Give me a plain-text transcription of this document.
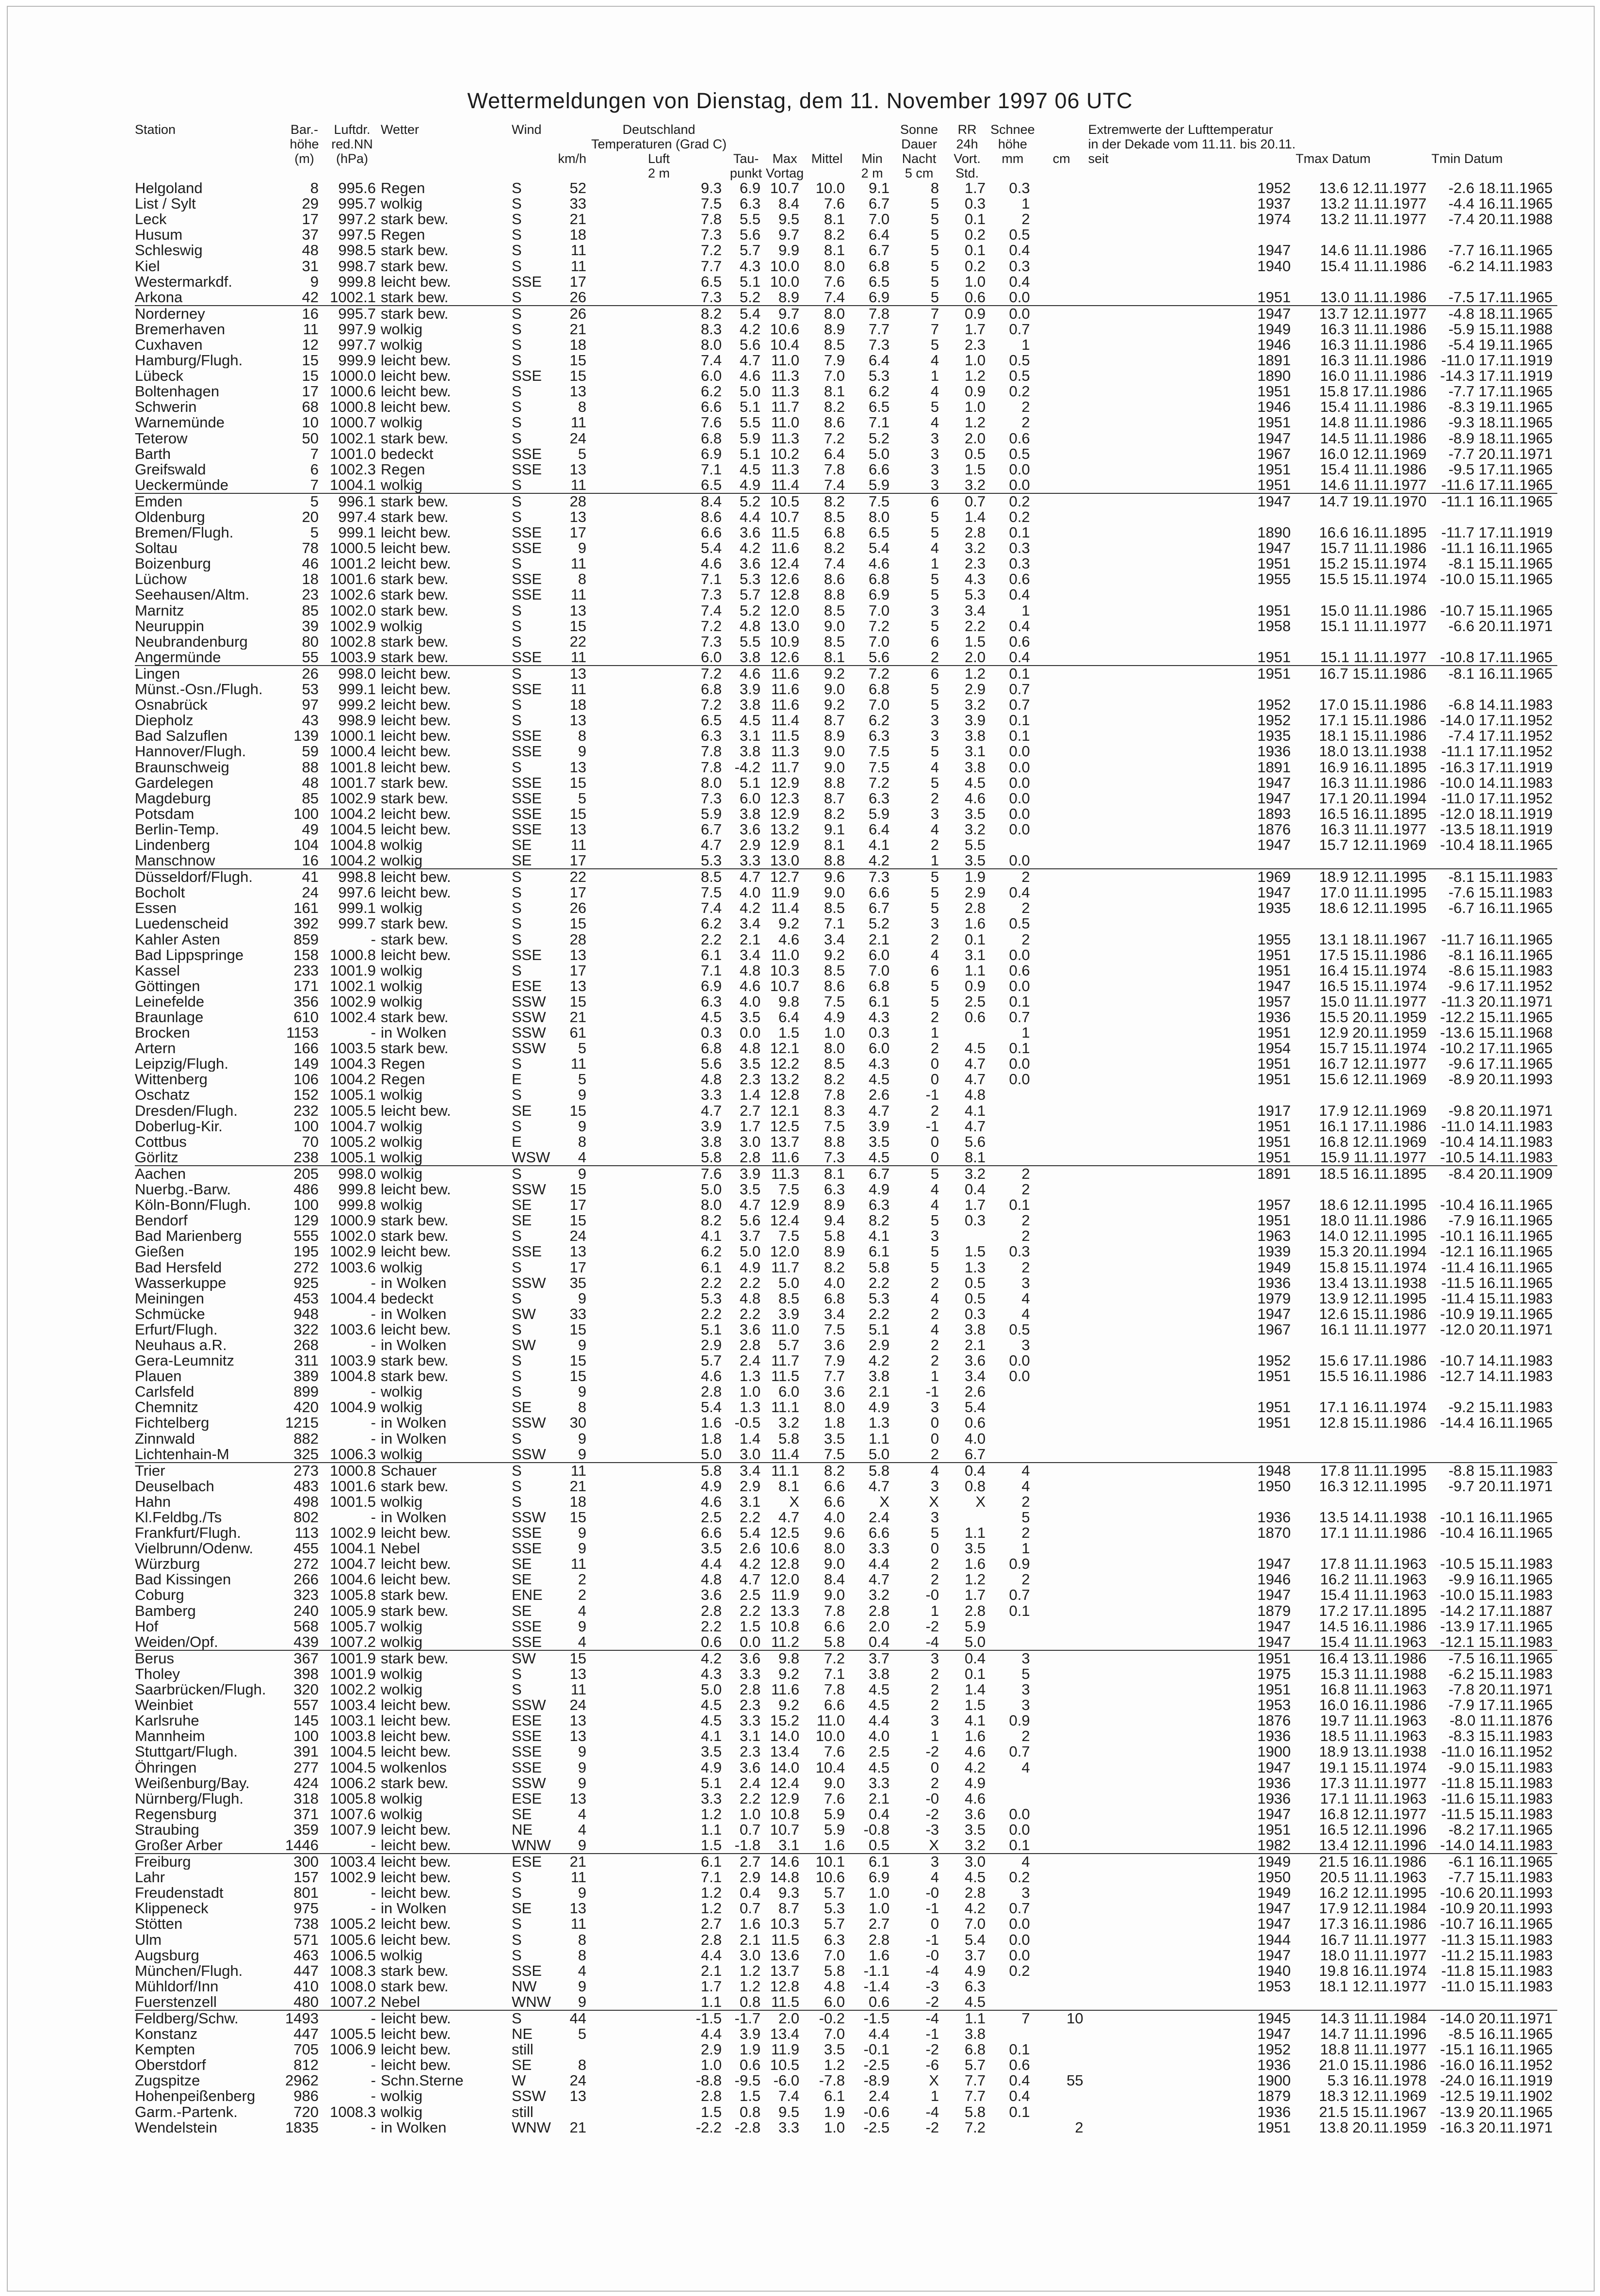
Wettermeldungen von Dienstag, dem 11. November 1997 06 UTC
Station	Bar.-	Luftdr.	Wetter	Wind		Deutschland					Sonne	RR	Schnee		Extremwerte der Lufttemperatur		
	höhe	red.NN				Temperaturen (Grad C)					Dauer	24h	höhe		in der Dekade vom 11.11. bis 20.11.		
	(m)	(hPa)			km/h	Luft	Tau-	Max	Mittel	Min	Nacht	Vort.	mm	cm	seit	Tmax Datum	Tmin Datum
						2 m	punkt	Vortag		2 m	5 cm	Std.					
Helgoland	8	995.6	Regen	S	52	9.3	6.9	10.7	10.0	9.1	8	1.7	0.3		1952	13.6 12.11.1977	-2.6 18.11.1965
List / Sylt	29	995.7	wolkig	S	33	7.5	6.3	8.4	7.6	6.7	5	0.3	1		1937	13.2 11.11.1977	-4.4 16.11.1965
Leck	17	997.2	stark bew.	S	21	7.8	5.5	9.5	8.1	7.0	5	0.1	2		1974	13.2 11.11.1977	-7.4 20.11.1988
Husum	37	997.5	Regen	S	18	7.3	5.6	9.7	8.2	6.4	5	0.2	0.5				
Schleswig	48	998.5	stark bew.	S	11	7.2	5.7	9.9	8.1	6.7	5	0.1	0.4		1947	14.6 11.11.1986	-7.7 16.11.1965
Kiel	31	998.7	stark bew.	S	11	7.7	4.3	10.0	8.0	6.8	5	0.2	0.3		1940	15.4 11.11.1986	-6.2 14.11.1983
Westermarkdf.	9	999.8	leicht bew.	SSE	17	6.5	5.1	10.0	7.6	6.5	5	1.0	0.4				
Arkona	42	1002.1	stark bew.	S	26	7.3	5.2	8.9	7.4	6.9	5	0.6	0.0		1951	13.0 11.11.1986	-7.5 17.11.1965
Norderney	16	995.7	stark bew.	S	26	8.2	5.4	9.7	8.0	7.8	7	0.9	0.0		1947	13.7 12.11.1977	-4.8 18.11.1965
Bremerhaven	11	997.9	wolkig	S	21	8.3	4.2	10.6	8.9	7.7	7	1.7	0.7		1949	16.3 11.11.1986	-5.9 15.11.1988
Cuxhaven	12	997.7	wolkig	S	18	8.0	5.6	10.4	8.5	7.3	5	2.3	1		1946	16.3 11.11.1986	-5.4 19.11.1965
Hamburg/Flugh.	15	999.9	leicht bew.	S	15	7.4	4.7	11.0	7.9	6.4	4	1.0	0.5		1891	16.3 11.11.1986	-11.0 17.11.1919
Lübeck	15	1000.0	leicht bew.	SSE	15	6.0	4.6	11.3	7.0	5.3	1	1.2	0.5		1890	16.0 11.11.1986	-14.3 17.11.1919
Boltenhagen	17	1000.6	leicht bew.	S	13	6.2	5.0	11.3	8.1	6.2	4	0.9	0.2		1951	15.8 17.11.1986	-7.7 17.11.1965
Schwerin	68	1000.8	leicht bew.	S	8	6.6	5.1	11.7	8.2	6.5	5	1.0	2		1946	15.4 11.11.1986	-8.3 19.11.1965
Warnemünde	10	1000.7	wolkig	S	11	7.6	5.5	11.0	8.6	7.1	4	1.2	2		1951	14.8 11.11.1986	-9.3 18.11.1965
Teterow	50	1002.1	stark bew.	S	24	6.8	5.9	11.3	7.2	5.2	3	2.0	0.6		1947	14.5 11.11.1986	-8.9 18.11.1965
Barth	7	1001.0	bedeckt	SSE	5	6.9	5.1	10.2	6.4	5.0	3	0.5	0.5		1967	16.0 12.11.1969	-7.7 20.11.1971
Greifswald	6	1002.3	Regen	SSE	13	7.1	4.5	11.3	7.8	6.6	3	1.5	0.0		1951	15.4 11.11.1986	-9.5 17.11.1965
Ueckermünde	7	1004.1	wolkig	S	11	6.5	4.9	11.4	7.4	5.9	3	3.2	0.0		1951	14.6 11.11.1977	-11.6 17.11.1965
Emden	5	996.1	stark bew.	S	28	8.4	5.2	10.5	8.2	7.5	6	0.7	0.2		1947	14.7 19.11.1970	-11.1 16.11.1965
Oldenburg	20	997.4	stark bew.	S	13	8.6	4.4	10.7	8.5	8.0	5	1.4	0.2				
Bremen/Flugh.	5	999.1	leicht bew.	SSE	17	6.6	3.6	11.5	6.8	6.5	5	2.8	0.1		1890	16.6 16.11.1895	-11.7 17.11.1919
Soltau	78	1000.5	leicht bew.	SSE	9	5.4	4.2	11.6	8.2	5.4	4	3.2	0.3		1947	15.7 11.11.1986	-11.1 16.11.1965
Boizenburg	46	1001.2	leicht bew.	S	11	4.6	3.6	12.4	7.4	4.6	1	2.3	0.3		1951	15.2 15.11.1974	-8.1 15.11.1965
Lüchow	18	1001.6	stark bew.	SSE	8	7.1	5.3	12.6	8.6	6.8	5	4.3	0.6		1955	15.5 15.11.1974	-10.0 15.11.1965
Seehausen/Altm.	23	1002.6	stark bew.	SSE	11	7.3	5.7	12.8	8.8	6.9	5	5.3	0.4				
Marnitz	85	1002.0	stark bew.	S	13	7.4	5.2	12.0	8.5	7.0	3	3.4	1		1951	15.0 11.11.1986	-10.7 15.11.1965
Neuruppin	39	1002.9	wolkig	S	15	7.2	4.8	13.0	9.0	7.2	5	2.2	0.4		1958	15.1 11.11.1977	-6.6 20.11.1971
Neubrandenburg	80	1002.8	stark bew.	S	22	7.3	5.5	10.9	8.5	7.0	6	1.5	0.6				
Angermünde	55	1003.9	stark bew.	SSE	11	6.0	3.8	12.6	8.1	5.6	2	2.0	0.4		1951	15.1 11.11.1977	-10.8 17.11.1965
Lingen	26	998.0	leicht bew.	S	13	7.2	4.6	11.6	9.2	7.2	6	1.2	0.1		1951	16.7 15.11.1986	-8.1 16.11.1965
Münst.-Osn./Flugh.	53	999.1	leicht bew.	SSE	11	6.8	3.9	11.6	9.0	6.8	5	2.9	0.7				
Osnabrück	97	999.2	leicht bew.	S	18	7.2	3.8	11.6	9.2	7.0	5	3.2	0.7		1952	17.0 15.11.1986	-6.8 14.11.1983
Diepholz	43	998.9	leicht bew.	S	13	6.5	4.5	11.4	8.7	6.2	3	3.9	0.1		1952	17.1 15.11.1986	-14.0 17.11.1952
Bad Salzuflen	139	1000.1	leicht bew.	SSE	8	6.3	3.1	11.5	8.9	6.3	3	3.8	0.1		1935	18.1 15.11.1986	-7.4 17.11.1952
Hannover/Flugh.	59	1000.4	leicht bew.	SSE	9	7.8	3.8	11.3	9.0	7.5	5	3.1	0.0		1936	18.0 13.11.1938	-11.1 17.11.1952
Braunschweig	88	1001.8	leicht bew.	S	13	7.8	-4.2	11.7	9.0	7.5	4	3.8	0.0		1891	16.9 16.11.1895	-16.3 17.11.1919
Gardelegen	48	1001.7	stark bew.	SSE	15	8.0	5.1	12.9	8.8	7.2	5	4.5	0.0		1947	16.3 11.11.1986	-10.0 14.11.1983
Magdeburg	85	1002.9	stark bew.	SSE	5	7.3	6.0	12.3	8.7	6.3	2	4.6	0.0		1947	17.1 20.11.1994	-11.0 17.11.1952
Potsdam	100	1004.2	leicht bew.	SSE	15	5.9	3.8	12.9	8.2	5.9	3	3.5	0.0		1893	16.5 16.11.1895	-12.0 18.11.1919
Berlin-Temp.	49	1004.5	leicht bew.	SSE	13	6.7	3.6	13.2	9.1	6.4	4	3.2	0.0		1876	16.3 11.11.1977	-13.5 18.11.1919
Lindenberg	104	1004.8	wolkig	SE	11	4.7	2.9	12.9	8.1	4.1	2	5.5			1947	15.7 12.11.1969	-10.4 18.11.1965
Manschnow	16	1004.2	wolkig	SE	17	5.3	3.3	13.0	8.8	4.2	1	3.5	0.0				
Düsseldorf/Flugh.	41	998.8	leicht bew.	S	22	8.5	4.7	12.7	9.6	7.3	5	1.9	2		1969	18.9 12.11.1995	-8.1 15.11.1983
Bocholt	24	997.6	leicht bew.	S	17	7.5	4.0	11.9	9.0	6.6	5	2.9	0.4		1947	17.0 11.11.1995	-7.6 15.11.1983
Essen	161	999.1	wolkig	S	26	7.4	4.2	11.4	8.5	6.7	5	2.8	2		1935	18.6 12.11.1995	-6.7 16.11.1965
Luedenscheid	392	999.7	stark bew.	S	15	6.2	3.4	9.2	7.1	5.2	3	1.6	0.5				
Kahler Asten	859	-	stark bew.	S	28	2.2	2.1	4.6	3.4	2.1	2	0.1	2		1955	13.1 18.11.1967	-11.7 16.11.1965
Bad Lippspringe	158	1000.8	leicht bew.	SSE	13	6.1	3.4	11.0	9.2	6.0	4	3.1	0.0		1951	17.5 15.11.1986	-8.1 16.11.1965
Kassel	233	1001.9	wolkig	S	17	7.1	4.8	10.3	8.5	7.0	6	1.1	0.6		1951	16.4 15.11.1974	-8.6 15.11.1983
Göttingen	171	1002.1	wolkig	ESE	13	6.9	4.6	10.7	8.6	6.8	5	0.9	0.0		1947	16.5 15.11.1974	-9.6 17.11.1952
Leinefelde	356	1002.9	wolkig	SSW	15	6.3	4.0	9.8	7.5	6.1	5	2.5	0.1		1957	15.0 11.11.1977	-11.3 20.11.1971
Braunlage	610	1002.4	stark bew.	SSW	21	4.5	3.5	6.4	4.9	4.3	2	0.6	0.7		1936	15.5 20.11.1959	-12.2 15.11.1965
Brocken	1153	-	in Wolken	SSW	61	0.3	0.0	1.5	1.0	0.3	1		1		1951	12.9 20.11.1959	-13.6 15.11.1968
Artern	166	1003.5	stark bew.	SSW	5	6.8	4.8	12.1	8.0	6.0	2	4.5	0.1		1954	15.7 15.11.1974	-10.2 17.11.1965
Leipzig/Flugh.	149	1004.3	Regen	S	11	5.6	3.5	12.2	8.5	4.3	0	4.7	0.0		1951	16.7 12.11.1977	-9.6 17.11.1965
Wittenberg	106	1004.2	Regen	E	5	4.8	2.3	13.2	8.2	4.5	0	4.7	0.0		1951	15.6 12.11.1969	-8.9 20.11.1993
Oschatz	152	1005.1	wolkig	S	9	3.3	1.4	12.8	7.8	2.6	-1	4.8					
Dresden/Flugh.	232	1005.5	leicht bew.	SE	15	4.7	2.7	12.1	8.3	4.7	2	4.1			1917	17.9 12.11.1969	-9.8 20.11.1971
Doberlug-Kir.	100	1004.7	wolkig	S	9	3.9	1.7	12.5	7.5	3.9	-1	4.7			1951	16.1 17.11.1986	-11.0 14.11.1983
Cottbus	70	1005.2	wolkig	E	8	3.8	3.0	13.7	8.8	3.5	0	5.6			1951	16.8 12.11.1969	-10.4 14.11.1983
Görlitz	238	1005.1	wolkig	WSW	4	5.8	2.8	11.6	7.3	4.5	0	8.1			1951	15.9 11.11.1977	-10.5 14.11.1983
Aachen	205	998.0	wolkig	S	9	7.6	3.9	11.3	8.1	6.7	5	3.2	2		1891	18.5 16.11.1895	-8.4 20.11.1909
Nuerbg.-Barw.	486	999.8	leicht bew.	SSW	15	5.0	3.5	7.5	6.3	4.9	4	0.4	2				
Köln-Bonn/Flugh.	100	999.8	wolkig	SE	17	8.0	4.7	12.9	8.9	6.3	4	1.7	0.1		1957	18.6 12.11.1995	-10.4 16.11.1965
Bendorf	129	1000.9	stark bew.	SE	15	8.2	5.6	12.4	9.4	8.2	5	0.3	2		1951	18.0 11.11.1986	-7.9 16.11.1965
Bad Marienberg	555	1002.0	stark bew.	S	24	4.1	3.7	7.5	5.8	4.1	3		2		1963	14.0 12.11.1995	-10.1 16.11.1965
Gießen	195	1002.9	leicht bew.	SSE	13	6.2	5.0	12.0	8.9	6.1	5	1.5	0.3		1939	15.3 20.11.1994	-12.1 16.11.1965
Bad Hersfeld	272	1003.6	wolkig	S	17	6.1	4.9	11.7	8.2	5.8	5	1.3	2		1949	15.8 15.11.1974	-11.4 16.11.1965
Wasserkuppe	925	-	in Wolken	SSW	35	2.2	2.2	5.0	4.0	2.2	2	0.5	3		1936	13.4 13.11.1938	-11.5 16.11.1965
Meiningen	453	1004.4	bedeckt	S	9	5.3	4.8	8.5	6.8	5.3	4	0.5	4		1979	13.9 12.11.1995	-11.4 15.11.1983
Schmücke	948	-	in Wolken	SW	33	2.2	2.2	3.9	3.4	2.2	2	0.3	4		1947	12.6 15.11.1986	-10.9 19.11.1965
Erfurt/Flugh.	322	1003.6	leicht bew.	S	15	5.1	3.6	11.0	7.5	5.1	4	3.8	0.5		1967	16.1 11.11.1977	-12.0 20.11.1971
Neuhaus a.R.	268	-	in Wolken	SW	9	2.9	2.8	5.7	3.6	2.9	2	2.1	3				
Gera-Leumnitz	311	1003.9	stark bew.	S	15	5.7	2.4	11.7	7.9	4.2	2	3.6	0.0		1952	15.6 17.11.1986	-10.7 14.11.1983
Plauen	389	1004.8	stark bew.	S	15	4.6	1.3	11.5	7.7	3.8	1	3.4	0.0		1951	15.5 16.11.1986	-12.7 14.11.1983
Carlsfeld	899	-	wolkig	S	9	2.8	1.0	6.0	3.6	2.1	-1	2.6					
Chemnitz	420	1004.9	wolkig	SE	8	5.4	1.3	11.1	8.0	4.9	3	5.4			1951	17.1 16.11.1974	-9.2 15.11.1983
Fichtelberg	1215	-	in Wolken	SSW	30	1.6	-0.5	3.2	1.8	1.3	0	0.6			1951	12.8 15.11.1986	-14.4 16.11.1965
Zinnwald	882	-	in Wolken	S	9	1.8	1.4	5.8	3.5	1.1	0	4.0					
Lichtenhain-M	325	1006.3	wolkig	SSW	9	5.0	3.0	11.4	7.5	5.0	2	6.7					
Trier	273	1000.8	Schauer	S	11	5.8	3.4	11.1	8.2	5.8	4	0.4	4		1948	17.8 11.11.1995	-8.8 15.11.1983
Deuselbach	483	1001.6	stark bew.	S	21	4.9	2.9	8.1	6.6	4.7	3	0.8	4		1950	16.3 12.11.1995	-9.7 20.11.1971
Hahn	498	1001.5	wolkig	S	18	4.6	3.1	X	6.6	X	X	X	2				
Kl.Feldbg./Ts	802	-	in Wolken	SSW	15	2.5	2.2	4.7	4.0	2.4	3		5		1936	13.5 14.11.1938	-10.1 16.11.1965
Frankfurt/Flugh.	113	1002.9	leicht bew.	SSE	9	6.6	5.4	12.5	9.6	6.6	5	1.1	2		1870	17.1 11.11.1986	-10.4 16.11.1965
Vielbrunn/Odenw.	455	1004.1	Nebel	SSE	9	3.5	2.6	10.6	8.0	3.3	0	3.5	1				
Würzburg	272	1004.7	leicht bew.	SE	11	4.4	4.2	12.8	9.0	4.4	2	1.6	0.9		1947	17.8 11.11.1963	-10.5 15.11.1983
Bad Kissingen	266	1004.6	leicht bew.	SE	2	4.8	4.7	12.0	8.4	4.7	2	1.2	2		1946	16.2 11.11.1963	-9.9 16.11.1965
Coburg	323	1005.8	stark bew.	ENE	2	3.6	2.5	11.9	9.0	3.2	-0	1.7	0.7		1947	15.4 11.11.1963	-10.0 15.11.1983
Bamberg	240	1005.9	stark bew.	SE	4	2.8	2.2	13.3	7.8	2.8	1	2.8	0.1		1879	17.2 17.11.1895	-14.2 17.11.1887
Hof	568	1005.7	wolkig	SSE	9	2.2	1.5	10.8	6.6	2.0	-2	5.9			1947	14.5 16.11.1986	-13.9 17.11.1965
Weiden/Opf.	439	1007.2	wolkig	SSE	4	0.6	0.0	11.2	5.8	0.4	-4	5.0			1947	15.4 11.11.1963	-12.1 15.11.1983
Berus	367	1001.9	stark bew.	SW	15	4.2	3.6	9.8	7.2	3.7	3	0.4	3		1951	16.4 13.11.1986	-7.5 16.11.1965
Tholey	398	1001.9	wolkig	S	13	4.3	3.3	9.2	7.1	3.8	2	0.1	5		1975	15.3 11.11.1988	-6.2 15.11.1983
Saarbrücken/Flugh.	320	1002.2	wolkig	S	11	5.0	2.8	11.6	7.8	4.5	2	1.4	3		1951	16.8 11.11.1963	-7.8 20.11.1971
Weinbiet	557	1003.4	leicht bew.	SSW	24	4.5	2.3	9.2	6.6	4.5	2	1.5	3		1953	16.0 16.11.1986	-7.9 17.11.1965
Karlsruhe	145	1003.1	leicht bew.	ESE	13	4.5	3.3	15.2	11.0	4.4	3	4.1	0.9		1876	19.7 11.11.1963	-8.0 11.11.1876
Mannheim	100	1003.8	leicht bew.	SSE	13	4.1	3.1	14.0	10.0	4.0	1	1.6	2		1936	18.5 11.11.1963	-8.3 15.11.1983
Stuttgart/Flugh.	391	1004.5	leicht bew.	SSE	9	3.5	2.3	13.4	7.6	2.5	-2	4.6	0.7		1900	18.9 13.11.1938	-11.0 16.11.1952
Öhringen	277	1004.5	wolkenlos	SSE	9	4.9	3.6	14.0	10.4	4.5	0	4.2	4		1947	19.1 15.11.1974	-9.0 15.11.1983
Weißenburg/Bay.	424	1006.2	stark bew.	SSW	9	5.1	2.4	12.4	9.0	3.3	2	4.9			1936	17.3 11.11.1977	-11.8 15.11.1983
Nürnberg/Flugh.	318	1005.8	wolkig	ESE	13	3.3	2.2	12.9	7.6	2.1	-0	4.6			1936	17.1 11.11.1963	-11.6 15.11.1983
Regensburg	371	1007.6	wolkig	SE	4	1.2	1.0	10.8	5.9	0.4	-2	3.6	0.0		1947	16.8 12.11.1977	-11.5 15.11.1983
Straubing	359	1007.9	leicht bew.	NE	4	1.1	0.7	10.7	5.9	-0.8	-3	3.5	0.0		1951	16.5 12.11.1996	-8.2 17.11.1965
Großer Arber	1446	-	leicht bew.	WNW	9	1.5	-1.8	3.1	1.6	0.5	X	3.2	0.1		1982	13.4 12.11.1996	-14.0 14.11.1983
Freiburg	300	1003.4	leicht bew.	ESE	21	6.1	2.7	14.6	10.1	6.1	3	3.0	4		1949	21.5 16.11.1986	-6.1 16.11.1965
Lahr	157	1002.9	leicht bew.	S	11	7.1	2.9	14.8	10.6	6.9	4	4.5	0.2		1950	20.5 11.11.1963	-7.7 15.11.1983
Freudenstadt	801	-	leicht bew.	S	9	1.2	0.4	9.3	5.7	1.0	-0	2.8	3		1949	16.2 12.11.1995	-10.6 20.11.1993
Klippeneck	975	-	in Wolken	SE	13	1.2	0.7	8.7	5.3	1.0	-1	4.2	0.7		1947	17.9 12.11.1984	-10.9 20.11.1993
Stötten	738	1005.2	leicht bew.	S	11	2.7	1.6	10.3	5.7	2.7	0	7.0	0.0		1947	17.3 16.11.1986	-10.7 16.11.1965
Ulm	571	1005.6	leicht bew.	S	8	2.8	2.1	11.5	6.3	2.8	-1	5.4	0.0		1944	16.7 11.11.1977	-11.3 15.11.1983
Augsburg	463	1006.5	wolkig	S	8	4.4	3.0	13.6	7.0	1.6	-0	3.7	0.0		1947	18.0 11.11.1977	-11.2 15.11.1983
München/Flugh.	447	1008.3	stark bew.	SSE	4	2.1	1.2	13.7	5.8	-1.1	-4	4.9	0.2		1940	19.8 16.11.1974	-11.8 15.11.1983
Mühldorf/Inn	410	1008.0	stark bew.	NW	9	1.7	1.2	12.8	4.8	-1.4	-3	6.3			1953	18.1 12.11.1977	-11.0 15.11.1983
Fuerstenzell	480	1007.2	Nebel	WNW	9	1.1	0.8	11.5	6.0	0.6	-2	4.5					
Feldberg/Schw.	1493	-	leicht bew.	S	44	-1.5	-1.7	2.0	-0.2	-1.5	-4	1.1	7	10	1945	14.3 11.11.1984	-14.0 20.11.1971
Konstanz	447	1005.5	leicht bew.	NE	5	4.4	3.9	13.4	7.0	4.4	-1	3.8			1947	14.7 11.11.1996	-8.5 16.11.1965
Kempten	705	1006.9	leicht bew.	still		2.9	1.9	11.9	3.5	-0.1	-2	6.8	0.1		1952	18.8 11.11.1977	-15.1 16.11.1965
Oberstdorf	812	-	leicht bew.	SE	8	1.0	0.6	10.5	1.2	-2.5	-6	5.7	0.6		1936	21.0 15.11.1986	-16.0 16.11.1952
Zugspitze	2962	-	Schn.Sterne	W	24	-8.8	-9.5	-6.0	-7.8	-8.9	X	7.7	0.4	55	1900	5.3 16.11.1978	-24.0 16.11.1919
Hohenpeißenberg	986	-	wolkig	SSW	13	2.8	1.5	7.4	6.1	2.4	1	7.7	0.4		1879	18.3 12.11.1969	-12.5 19.11.1902
Garm.-Partenk.	720	1008.3	wolkig	still		1.5	0.8	9.5	1.9	-0.6	-4	5.8	0.1		1936	21.5 15.11.1967	-13.9 20.11.1965
Wendelstein	1835	-	in Wolken	WNW	21	-2.2	-2.8	3.3	1.0	-2.5	-2	7.2		2	1951	13.8 20.11.1959	-16.3 20.11.1971
